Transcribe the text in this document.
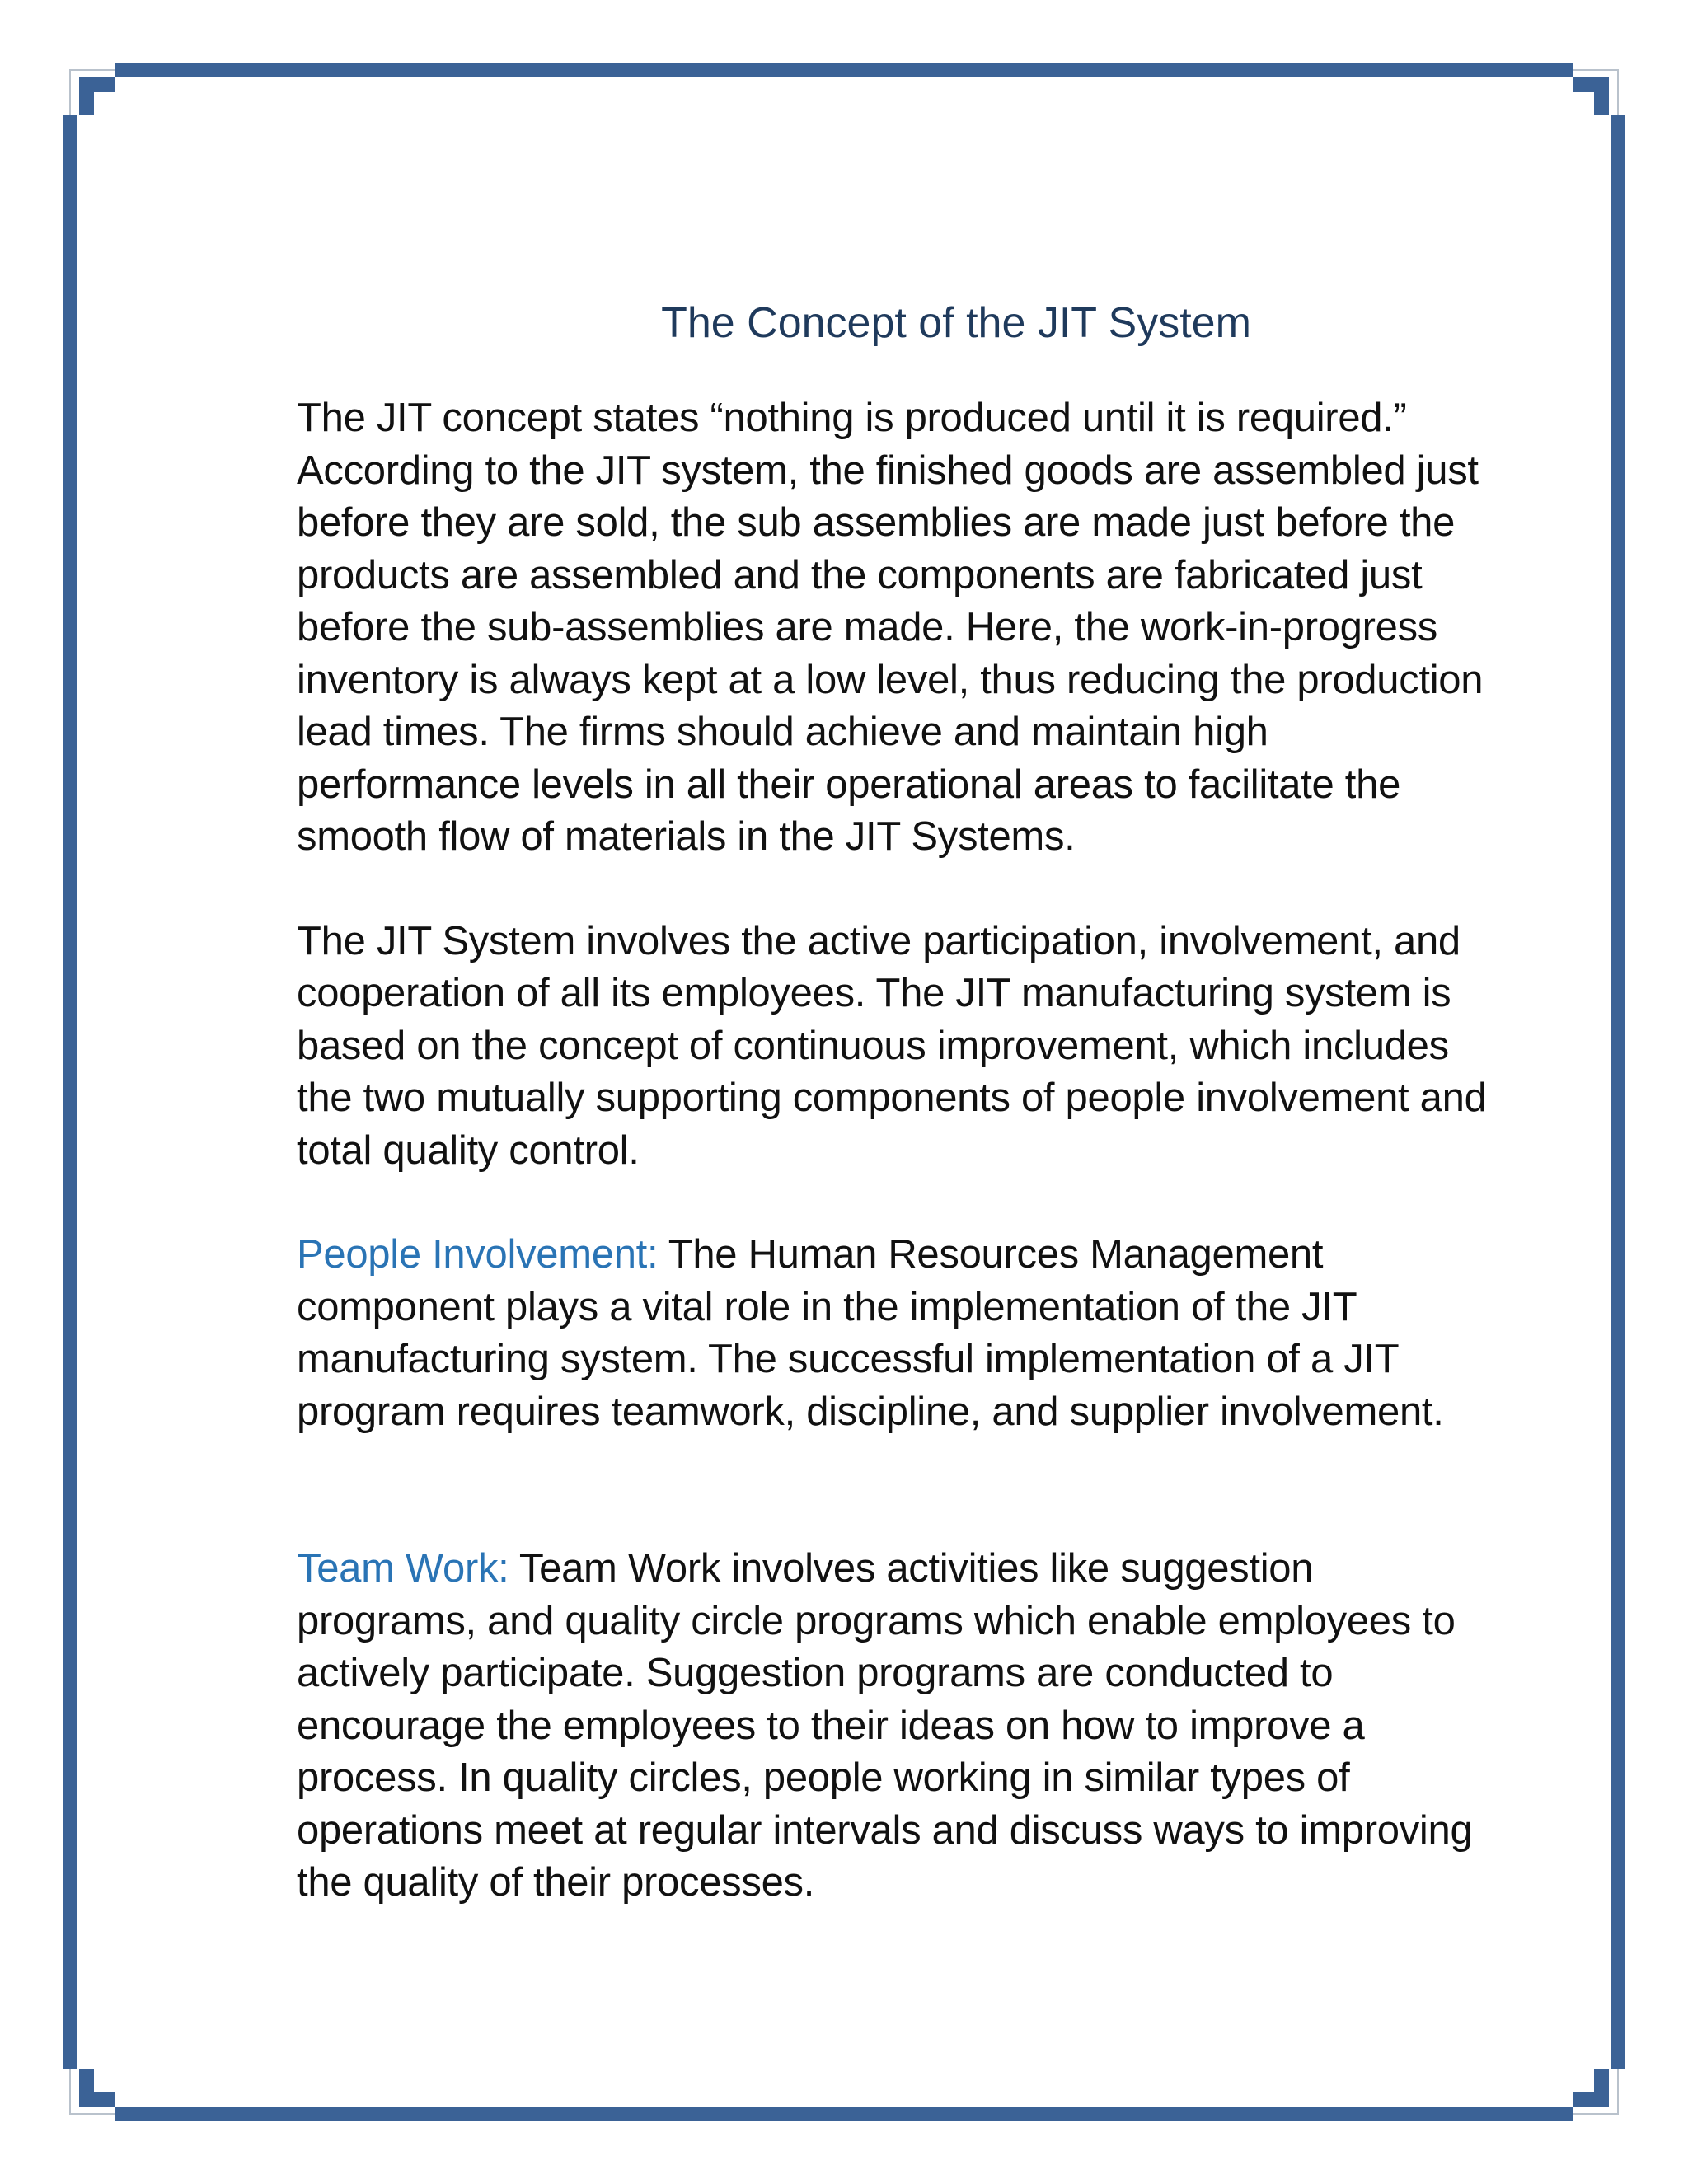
The Concept of the JIT System

The JIT concept states “nothing is produced until it is required.” According to the JIT system, the finished goods are assembled just before they are sold, the sub assemblies are made just before the products are assembled and the components are fabricated just before the sub-assemblies are made. Here, the work-in-progress inventory is always kept at a low level, thus reducing the production lead times. The firms should achieve and maintain high performance levels in all their operational areas to facilitate the smooth flow of materials in the JIT Systems.

The JIT System involves the active participation, involvement, and cooperation of all its employees. The JIT manufacturing system is based on the concept of continuous improvement, which includes the two mutually supporting components of people involvement and total quality control.

People Involvement: The Human Resources Management component plays a vital role in the implementation of the JIT manufacturing system. The successful implementation of a JIT program requires teamwork, discipline, and supplier involvement.

Team Work: Team Work involves activities like suggestion programs, and quality circle programs which enable employees to actively participate. Suggestion programs are conducted to encourage the employees to their ideas on how to improve a process. In quality circles, people working in similar types of operations meet at regular intervals and discuss ways to improving the quality of their processes.
